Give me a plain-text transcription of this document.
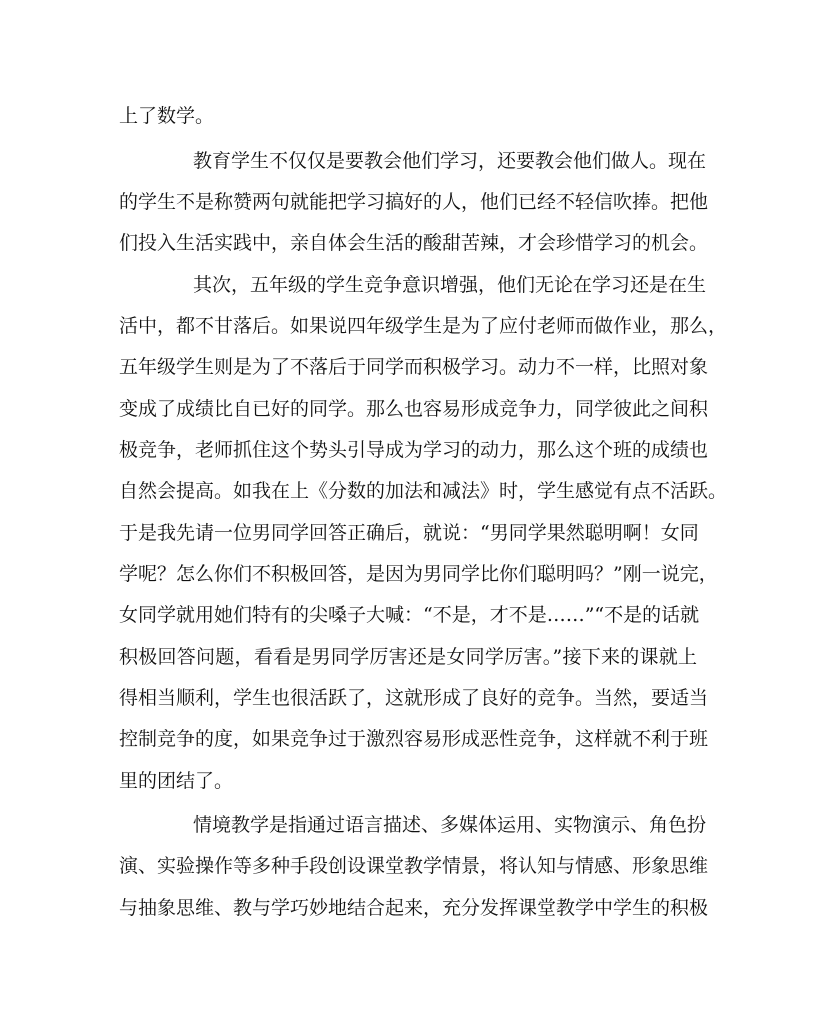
上了数学。
教育学生不仅仅是要教会他们学习，还要教会他们做人。现在
的学生不是称赞两句就能把学习搞好的人，他们已经不轻信吹捧。把他
们投入生活实践中，亲自体会生活的酸甜苦辣，才会珍惜学习的机会。
其次，五年级的学生竞争意识增强，他们无论在学习还是在生
活中，都不甘落后。如果说四年级学生是为了应付老师而做作业，那么，
五年级学生则是为了不落后于同学而积极学习。动力不一样，比照对象
变成了成绩比自已好的同学。那么也容易形成竞争力，同学彼此之间积
极竞争，老师抓住这个势头引导成为学习的动力，那么这个班的成绩也
自然会提高。如我在上《分数的加法和减法》时，学生感觉有点不活跃。
于是我先请一位男同学回答正确后，就说：“男同学果然聪明啊！女同
学呢？怎么你们不积极回答，是因为男同学比你们聪明吗？”刚一说完，
女同学就用她们特有的尖嗓子大喊：“不是，才不是……”“不是的话就
积极回答问题，看看是男同学厉害还是女同学厉害。”接下来的课就上
得相当顺利，学生也很活跃了，这就形成了良好的竞争。当然，要适当
控制竞争的度，如果竞争过于激烈容易形成恶性竞争，这样就不利于班
里的团结了。
情境教学是指通过语言描述、多媒体运用、实物演示、角色扮
演、实验操作等多种手段创设课堂教学情景，将认知与情感、形象思维
与抽象思维、教与学巧妙地结合起来，充分发挥课堂教学中学生的积极
